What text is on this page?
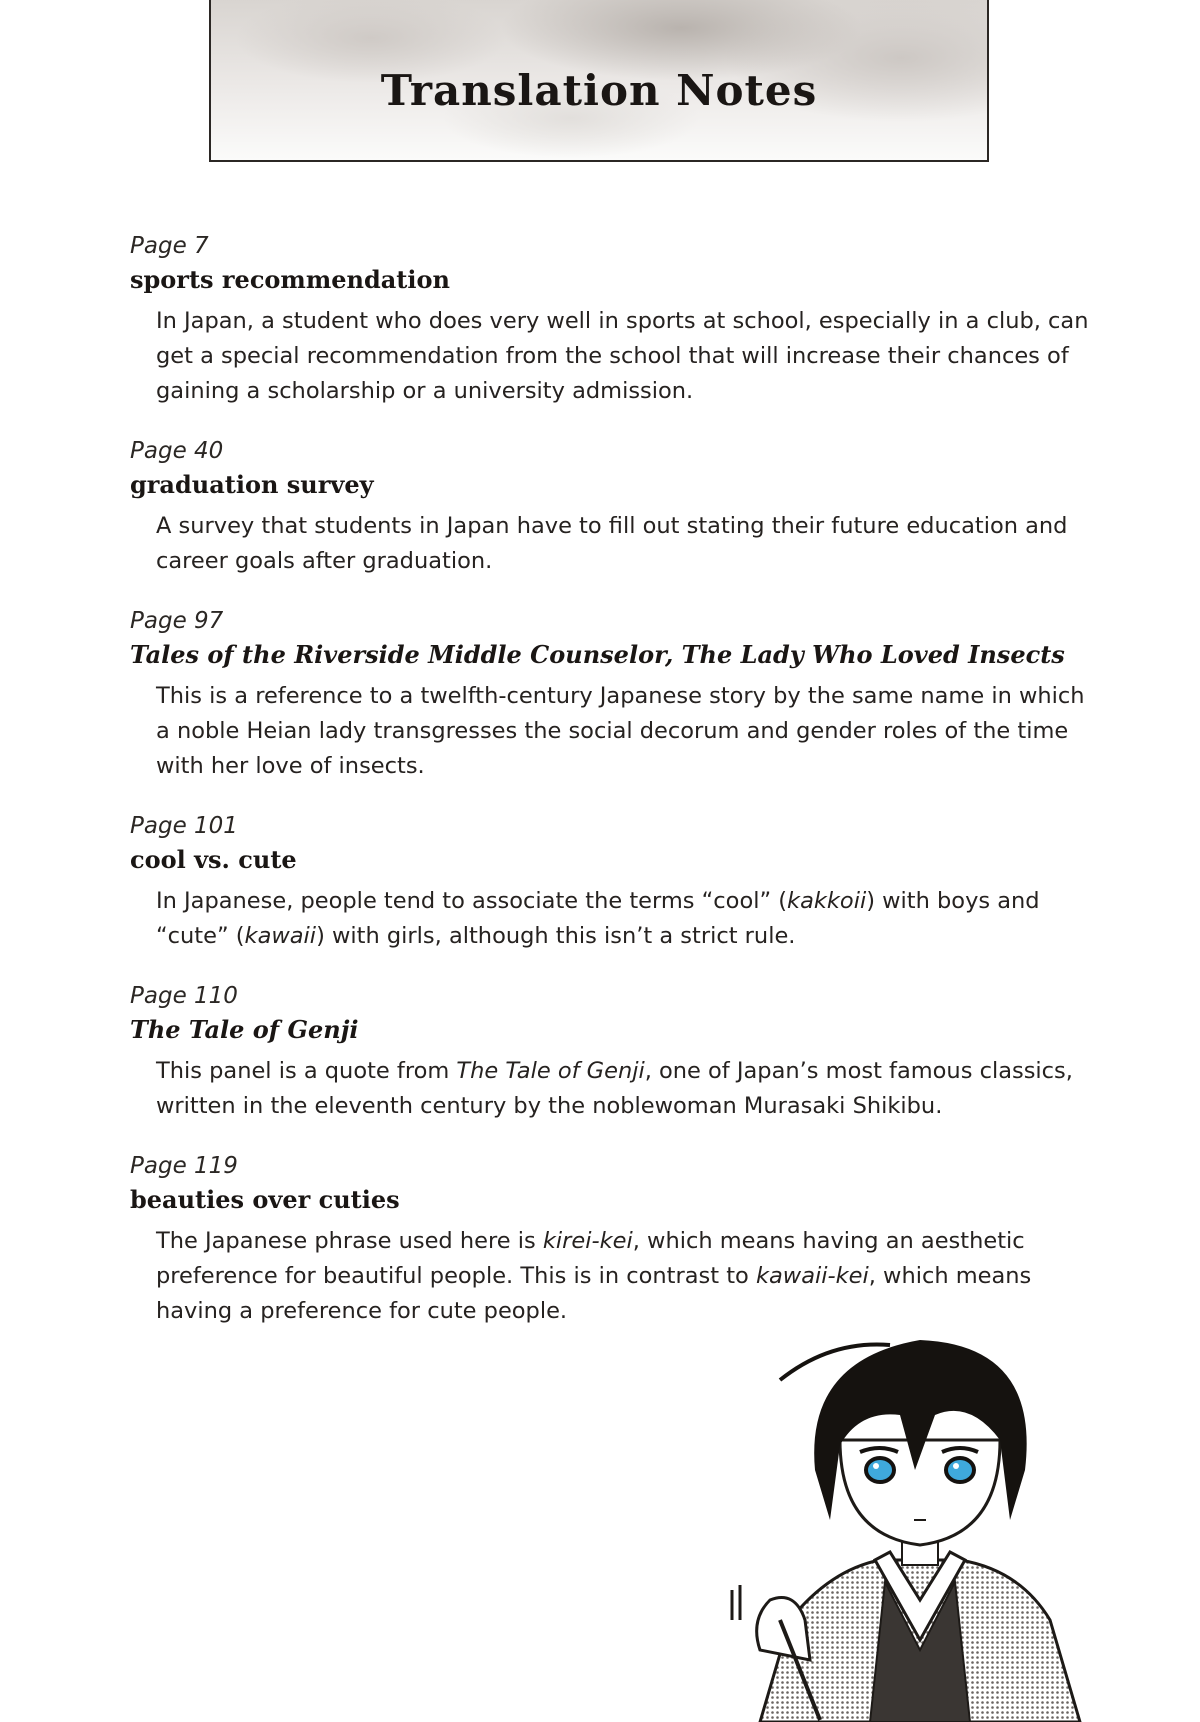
Translation Notes
Page 7
sports recommendation
In Japan, a student who does very well in sports at school, especially in a club, can get a special recommendation from the school that will increase their chances of gaining a scholarship or a university admission.
Page 40
graduation survey
A survey that students in Japan have to fill out stating their future education and career goals after graduation.
Page 97
Tales of the Riverside Middle Counselor, The Lady Who Loved Insects
This is a reference to a twelfth-century Japanese story by the same name in which a noble Heian lady transgresses the social decorum and gender roles of the time with her love of insects.
Page 101
cool vs. cute
In Japanese, people tend to associate the terms “cool” (kakkoii) with boys and “cute” (kawaii) with girls, although this isn’t a strict rule.
Page 110
The Tale of Genji
This panel is a quote from The Tale of Genji, one of Japan’s most famous classics, written in the eleventh century by the noblewoman Murasaki Shikibu.
Page 119
beauties over cuties
The Japanese phrase used here is kirei-kei, which means having an aesthetic preference for beautiful people. This is in contrast to kawaii-kei, which means having a preference for cute people.
